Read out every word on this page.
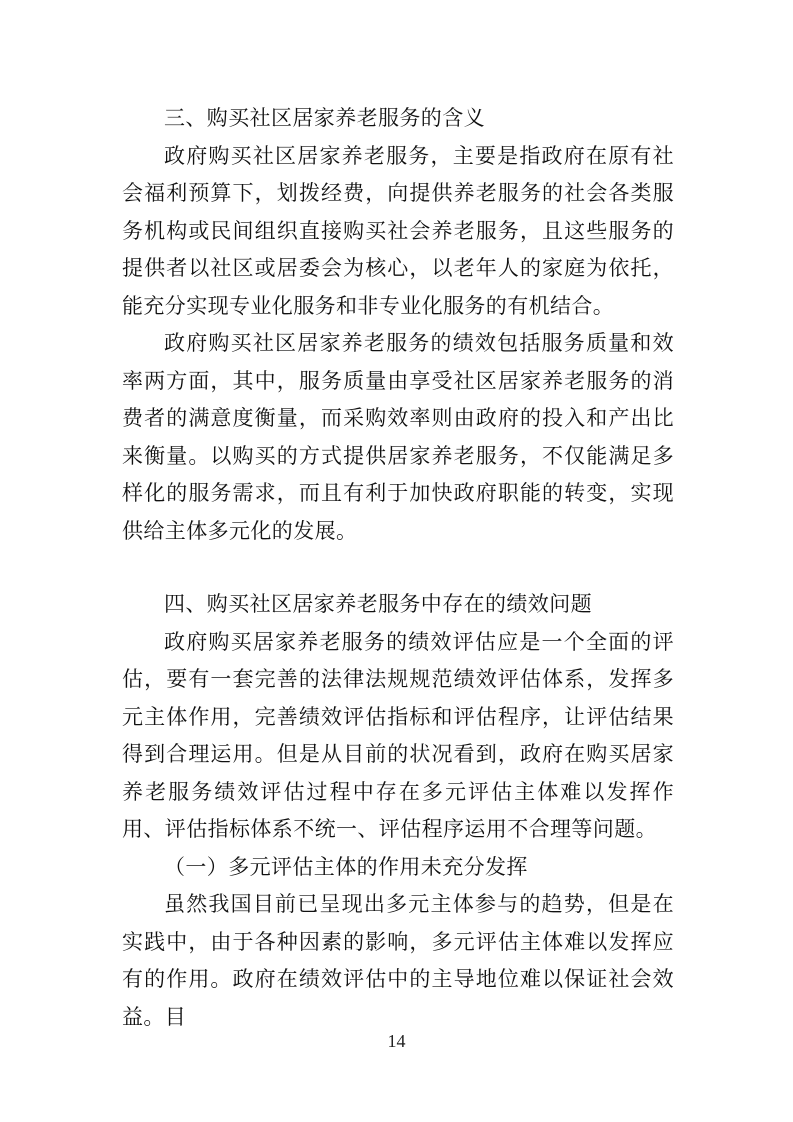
三、购买社区居家养老服务的含义

政府购买社区居家养老服务，主要是指政府在原有社会福利预算下，划拨经费，向提供养老服务的社会各类服务机构或民间组织直接购买社会养老服务，且这些服务的提供者以社区或居委会为核心，以老年人的家庭为依托，能充分实现专业化服务和非专业化服务的有机结合。

政府购买社区居家养老服务的绩效包括服务质量和效率两方面，其中，服务质量由享受社区居家养老服务的消费者的满意度衡量，而采购效率则由政府的投入和产出比来衡量。以购买的方式提供居家养老服务，不仅能满足多样化的服务需求，而且有利于加快政府职能的转变，实现供给主体多元化的发展。

四、购买社区居家养老服务中存在的绩效问题

政府购买居家养老服务的绩效评估应是一个全面的评估，要有一套完善的法律法规规范绩效评估体系，发挥多元主体作用，完善绩效评估指标和评估程序，让评估结果得到合理运用。但是从目前的状况看到，政府在购买居家养老服务绩效评估过程中存在多元评估主体难以发挥作用、评估指标体系不统一、评估程序运用不合理等问题。

（一）多元评估主体的作用未充分发挥

虽然我国目前已呈现出多元主体参与的趋势，但是在实践中，由于各种因素的影响，多元评估主体难以发挥应有的作用。政府在绩效评估中的主导地位难以保证社会效益。目

14
